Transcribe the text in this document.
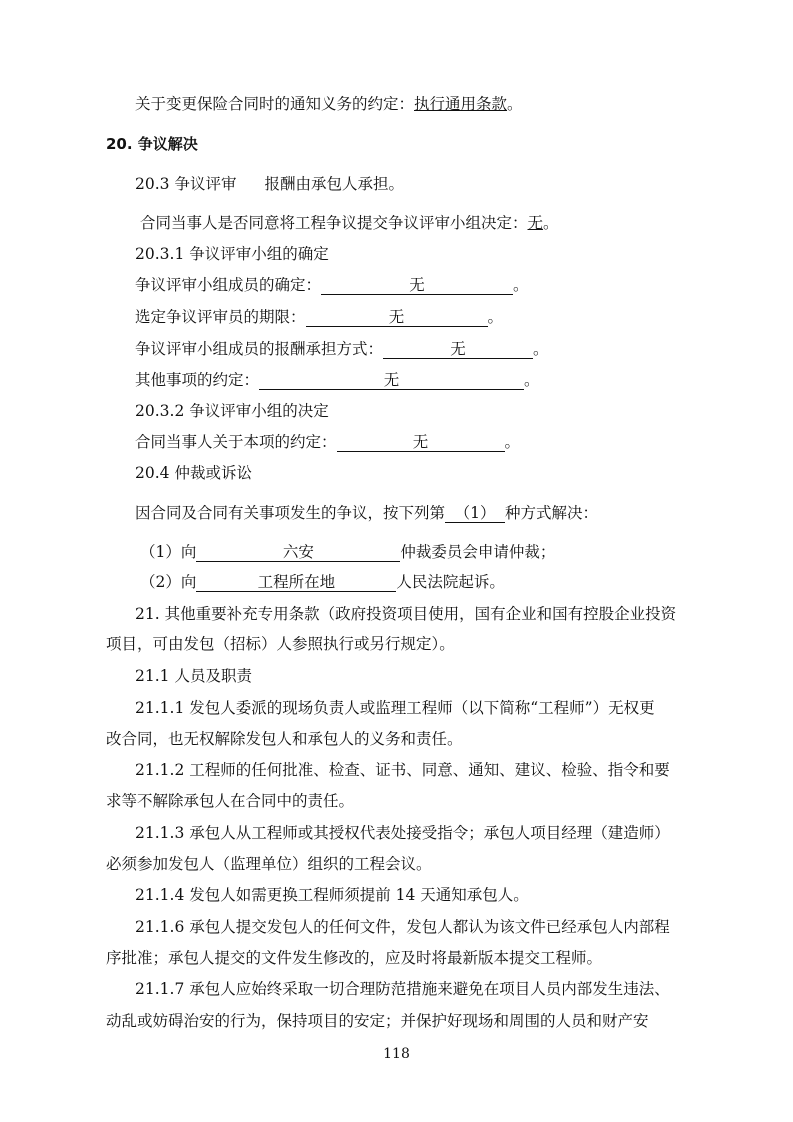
关于变更保险合同时的通知义务的约定：执行通用条款。
20. 争议解决
20.3 争议评审 报酬由承包人承担。
合同当事人是否同意将工程争议提交争议评审小组决定：无。
20.3.1 争议评审小组的确定
争议评审小组成员的确定：	无	。
选定争议评审员的期限：	无	。
争议评审小组成员的报酬承担方式：	无	。
其他事项的约定：	无	。
20.3.2 争议评审小组的决定
合同当事人关于本项的约定：	无	。
20.4 仲裁或诉讼
因合同及合同有关事项发生的争议，按下列第 （1） 种方式解决：
（1）向	六安	仲裁委员会申请仲裁；
（2）向	工程所在地	人民法院起诉。
21. 其他重要补充专用条款（政府投资项目使用，国有企业和国有控股企业投资
项目，可由发包（招标）人参照执行或另行规定）。
21.1 人员及职责
21.1.1 发包人委派的现场负责人或监理工程师（以下简称“工程师”）无权更
改合同，也无权解除发包人和承包人的义务和责任。
21.1.2 工程师的任何批准、检查、证书、同意、通知、建议、检验、指令和要
求等不解除承包人在合同中的责任。
21.1.3 承包人从工程师或其授权代表处接受指令；承包人项目经理（建造师）
必须参加发包人（监理单位）组织的工程会议。
21.1.4 发包人如需更换工程师须提前 14 天通知承包人。
21.1.6 承包人提交发包人的任何文件，发包人都认为该文件已经承包人内部程
序批准；承包人提交的文件发生修改的，应及时将最新版本提交工程师。
21.1.7 承包人应始终采取一切合理防范措施来避免在项目人员内部发生违法、
动乱或妨碍治安的行为，保持项目的安定；并保护好现场和周围的人员和财产安
118
